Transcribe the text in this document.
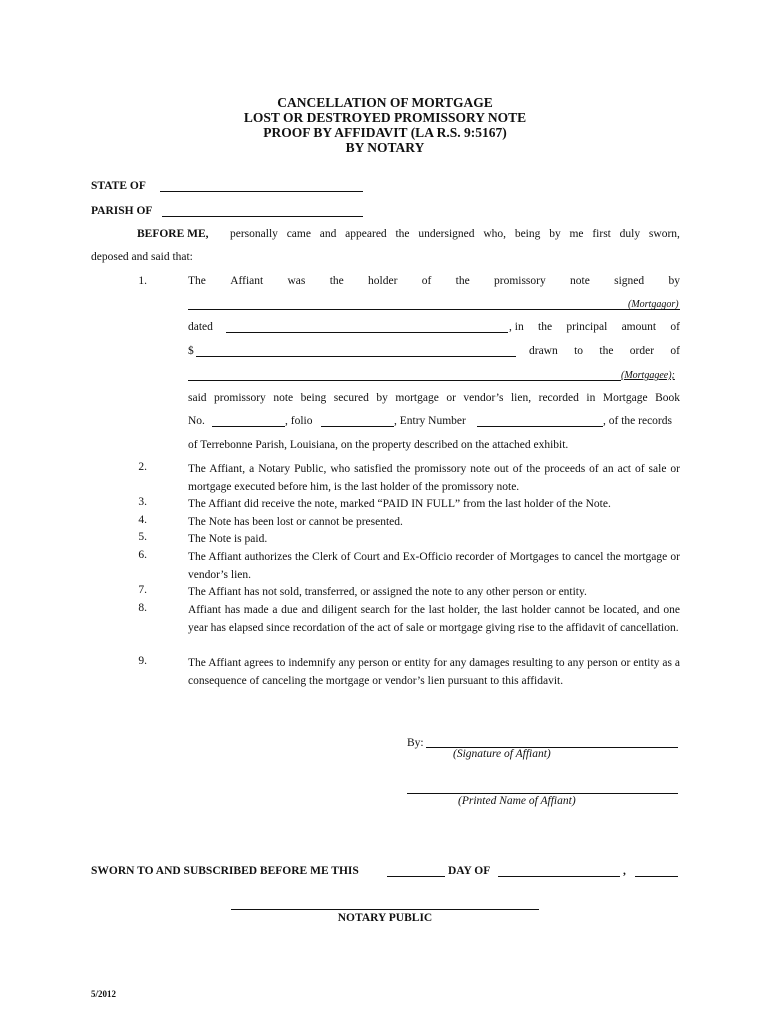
CANCELLATION OF MORTGAGE
LOST OR DESTROYED PROMISSORY NOTE
PROOF BY AFFIDAVIT (LA R.S. 9:5167)
BY NOTARY
STATE OF
PARISH OF
BEFORE ME, personally came and appeared the undersigned who, being by me first duly sworn,
deposed and said that:
1.	The Affiant was the holder of the promissory note signed by
(Mortgagor)
dated	, in the principal amount of
$	drawn to the order of
(Mortgagee);
said promissory note being secured by mortgage or vendor’s lien, recorded in Mortgage Book
No.	, folio	, Entry Number	, of the records
of Terrebonne Parish, Louisiana, on the property described on the attached exhibit.
2.	The Affiant, a Notary Public, who satisfied the promissory note out of the proceeds of an act of sale or mortgage executed before him, is the last holder of the promissory note.
3.	The Affiant did receive the note, marked “PAID IN FULL” from the last holder of the Note.
4.	The Note has been lost or cannot be presented.
5.	The Note is paid.
6.	The Affiant authorizes the Clerk of Court and Ex-Officio recorder of Mortgages to cancel the mortgage or vendor’s lien.
7.	The Affiant has not sold, transferred, or assigned the note to any other person or entity.
8.	Affiant has made a due and diligent search for the last holder, the last holder cannot be located, and one year has elapsed since recordation of the act of sale or mortgage giving rise to the affidavit of cancellation.
9.	The Affiant agrees to indemnify any person or entity for any damages resulting to any person or entity as a consequence of canceling the mortgage or vendor’s lien pursuant to this affidavit.
By:
(Signature of Affiant)
(Printed Name of Affiant)
SWORN TO AND SUBSCRIBED BEFORE ME THIS	DAY OF	,
NOTARY PUBLIC
5/2012
